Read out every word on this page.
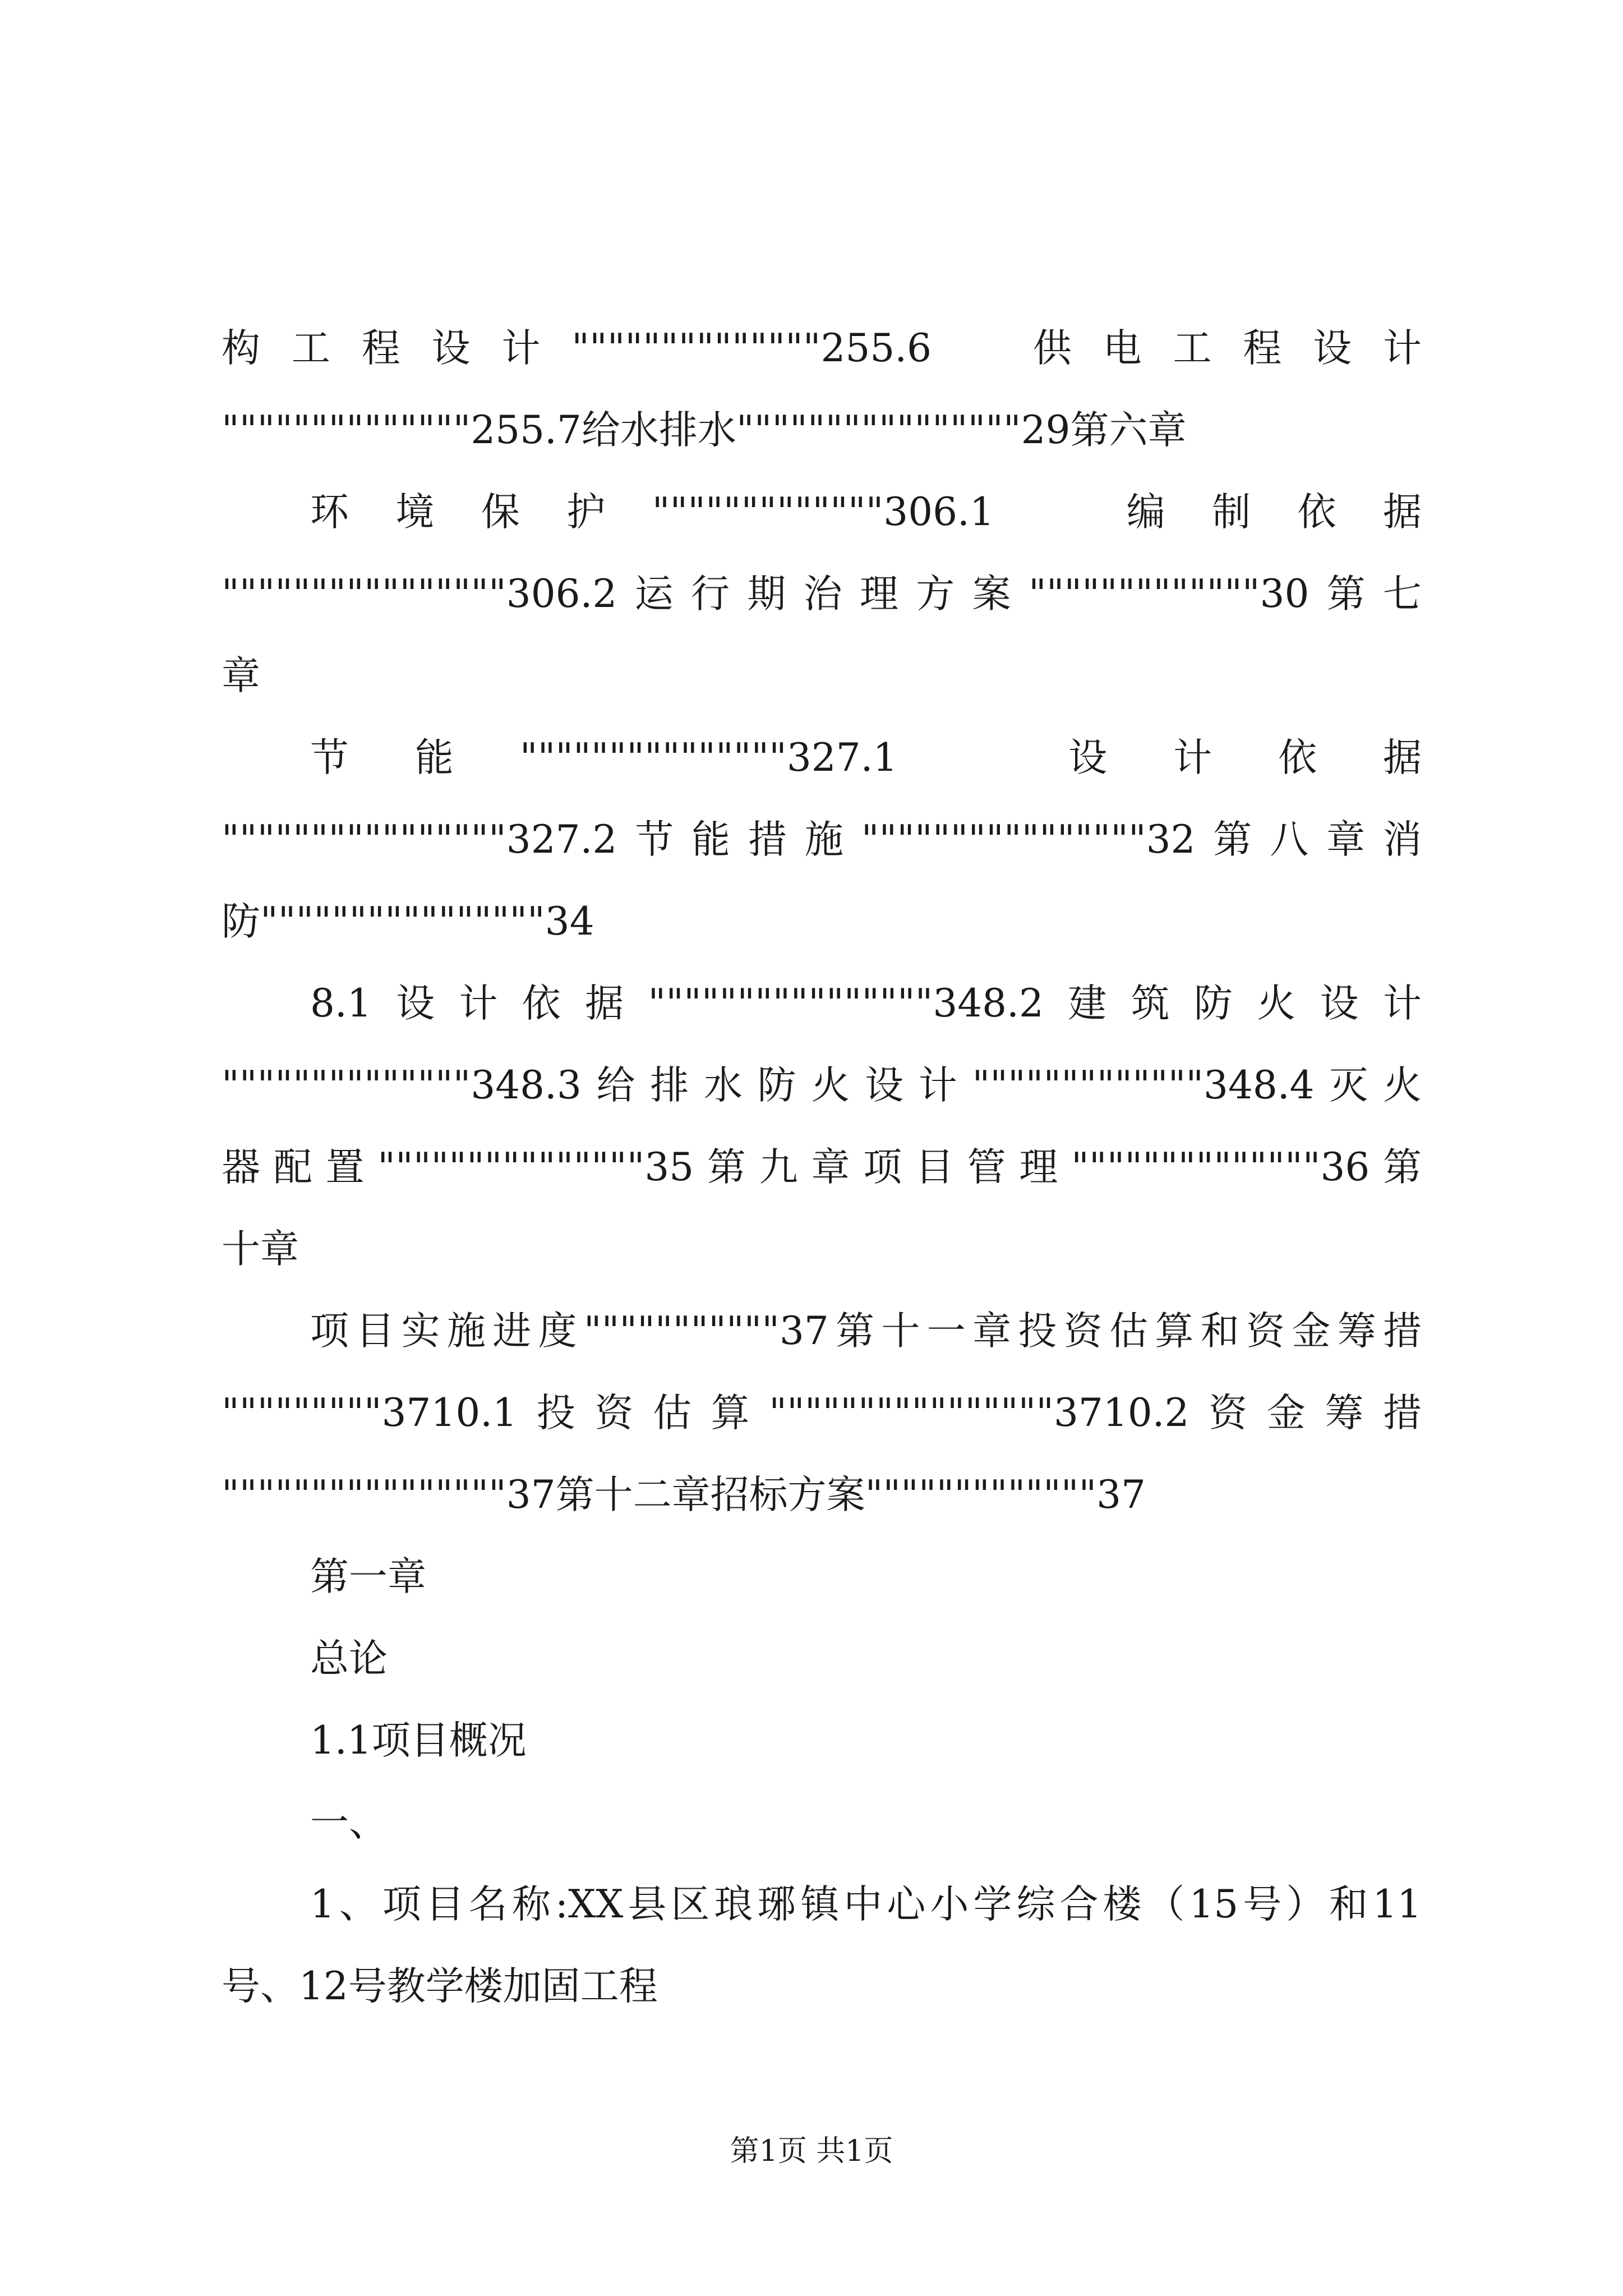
构工程设计""""""""""""""255.6　供电工程设计
""""""""""""""255.7给水排水""""""""""""""""29第六章
环境保护"""""""""""""306.1　编制依据
""""""""""""""""306.2运行期治理方案"""""""""""""30第七
章
节能"""""""""""""""327.1　设计依据
""""""""""""""""327.2节能措施""""""""""""""""32第八章消
防""""""""""""""""34
8.1设计依据""""""""""""""""348.2建筑防火设计
""""""""""""""348.3给排水防火设计"""""""""""""348.4灭火
器配置"""""""""""""""35第九章项目管理""""""""""""""36第
十章
项目实施进度"""""""""""37第十一章投资估算和资金筹措
"""""""""3710.1投资估算""""""""""""""""3710.2资金筹措
""""""""""""""""37第十二章招标方案"""""""""""""37
第一章
总论
1.1项目概况
一、
1、项目名称:XX县区琅琊镇中心小学综合楼（15号）和11
号、12号教学楼加固工程
第1页 共1页
